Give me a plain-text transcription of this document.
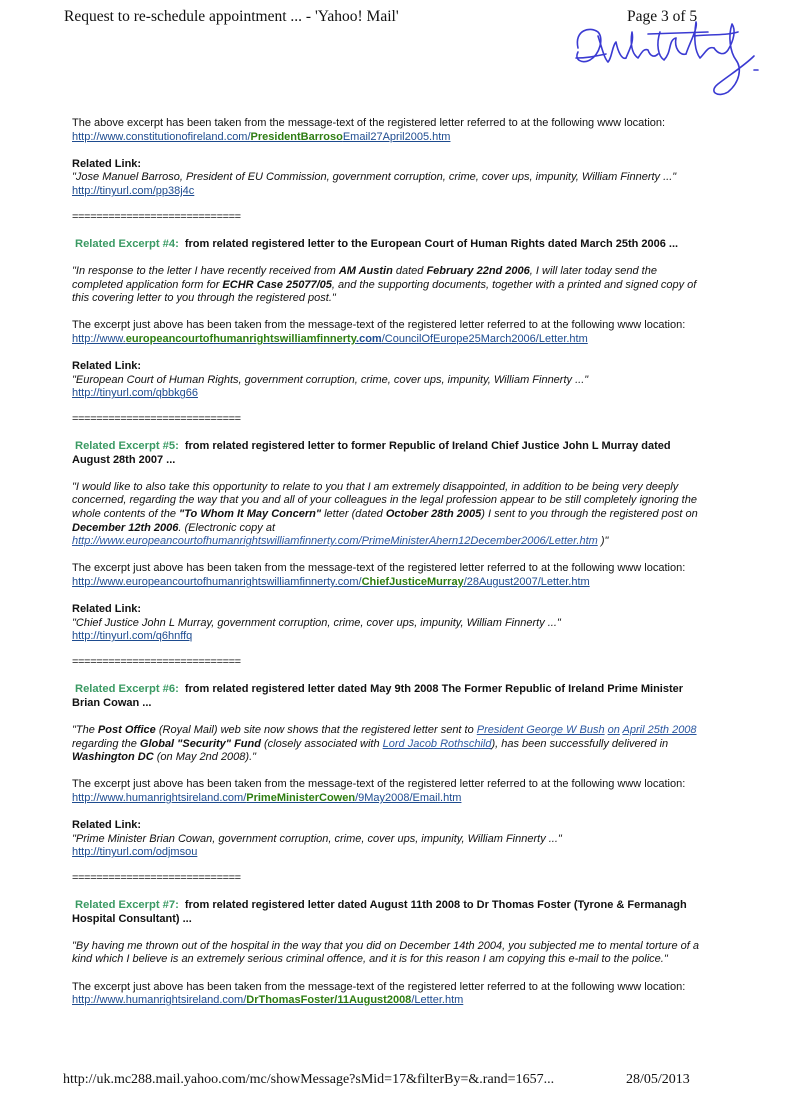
Request to re-schedule appointment ... - 'Yahoo! Mail'	Page 3 of 5

The above excerpt has been taken from the message-text of the registered letter referred to at the following www location:

http://www.constitutionofireland.com/PresidentBarrosoEmail27April2005.htm

Related Link:

"Jose Manuel Barroso, President of EU Commission, government corruption, crime, cover ups, impunity, William Finnerty ..."

http://tinyurl.com/pp38j4c

============================

Related Excerpt #4: from related registered letter to the European Court of Human Rights dated March 25th 2006 ...

"In response to the letter I have recently received from AM Austin dated February 22nd 2006, I will later today send the completed application form for ECHR Case 25077/05, and the supporting documents, together with a printed and signed copy of this covering letter to you through the registered post."

The excerpt just above has been taken from the message-text of the registered letter referred to at the following www location:

http://www.europeancourtofhumanrightswilliamfinnerty.com/CouncilOfEurope25March2006/Letter.htm

Related Link:

"European Court of Human Rights, government corruption, crime, cover ups, impunity, William Finnerty ..."

http://tinyurl.com/qbbkg66

============================

Related Excerpt #5: from related registered letter to former Republic of Ireland Chief Justice John L Murray dated August 28th 2007 ...

"I would like to also take this opportunity to relate to you that I am extremely disappointed, in addition to be being very deeply concerned, regarding the way that you and all of your colleagues in the legal profession appear to be still completely ignoring the whole contents of the "To Whom It May Concern" letter (dated October 28th 2005) I sent to you through the registered post on December 12th 2006. (Electronic copy at
http://www.europeancourtofhumanrightswilliamfinnerty.com/PrimeMinisterAhern12December2006/Letter.htm )"

The excerpt just above has been taken from the message-text of the registered letter referred to at the following www location:

http://www.europeancourtofhumanrightswilliamfinnerty.com/ChiefJusticeMurray/28August2007/Letter.htm

Related Link:

"Chief Justice John L Murray, government corruption, crime, cover ups, impunity, William Finnerty ..."

http://tinyurl.com/q6hnffq

============================

Related Excerpt #6: from related registered letter dated May 9th 2008 The Former Republic of Ireland Prime Minister Brian Cowan ...

"The Post Office (Royal Mail) web site now shows that the registered letter sent to President George W Bush on April 25th 2008 regarding the Global "Security" Fund (closely associated with Lord Jacob Rothschild), has been successfully delivered in Washington DC (on May 2nd 2008)."

The excerpt just above has been taken from the message-text of the registered letter referred to at the following www location:

http://www.humanrightsireland.com/PrimeMinisterCowen/9May2008/Email.htm

Related Link:

"Prime Minister Brian Cowan, government corruption, crime, cover ups, impunity, William Finnerty ..."

http://tinyurl.com/odjmsou

============================

Related Excerpt #7: from related registered letter dated August 11th 2008 to Dr Thomas Foster (Tyrone & Fermanagh Hospital Consultant) ...

"By having me thrown out of the hospital in the way that you did on December 14th 2004, you subjected me to mental torture of a kind which I believe is an extremely serious criminal offence, and it is for this reason I am copying this e-mail to the police."

The excerpt just above has been taken from the message-text of the registered letter referred to at the following www location:

http://www.humanrightsireland.com/DrThomasFoster/11August2008/Letter.htm

http://uk.mc288.mail.yahoo.com/mc/showMessage?sMid=17&filterBy=&.rand=1657...	28/05/2013
